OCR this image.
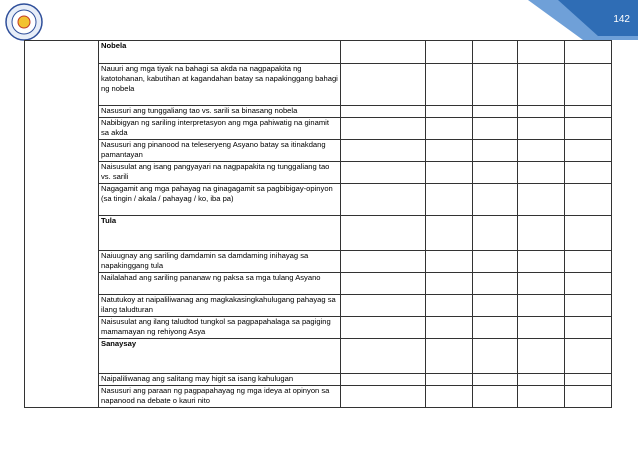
142
	Nobela					
	Nauuri ang mga tiyak na bahagi sa akda na nagpapakita ng katotohanan, kabutihan at kagandahan batay sa napakinggang bahagi ng nobela					
	Nasusuri ang tunggaliang tao vs. sarili sa binasang nobela					
	Nabibigyan ng sariling interpretasyon ang mga pahiwatig na ginamit sa akda					
	Nasusuri ang pinanood na teleseryeng Asyano batay sa itinakdang pamantayan					
	Naisusulat ang isang pangyayari na nagpapakita ng tunggaliang tao vs. sarili					
	Nagagamit ang mga pahayag na ginagagamit sa pagbibigay-opinyon (sa tingin / akala / pahayag / ko, iba pa)					
	Tula					
	Naiuugnay ang sariling damdamin sa damdaming inihayag sa napakinggang tula					
	Nailalahad ang sariling pananaw ng paksa sa mga tulang Asyano					
	Natutukoy at naipaliliwanag ang magkakasingkahulugang pahayag sa ilang taludturan					
	Naisusulat ang ilang taludtod tungkol sa pagpapahalaga sa pagiging mamamayan ng rehiyong Asya					
	Sanaysay					
	Naipaliliwanag ang salitang may higit sa isang kahulugan					
	Nasusuri ang paraan ng pagpapahayag ng mga ideya at opinyon sa napanood na debate o kauri nito					
